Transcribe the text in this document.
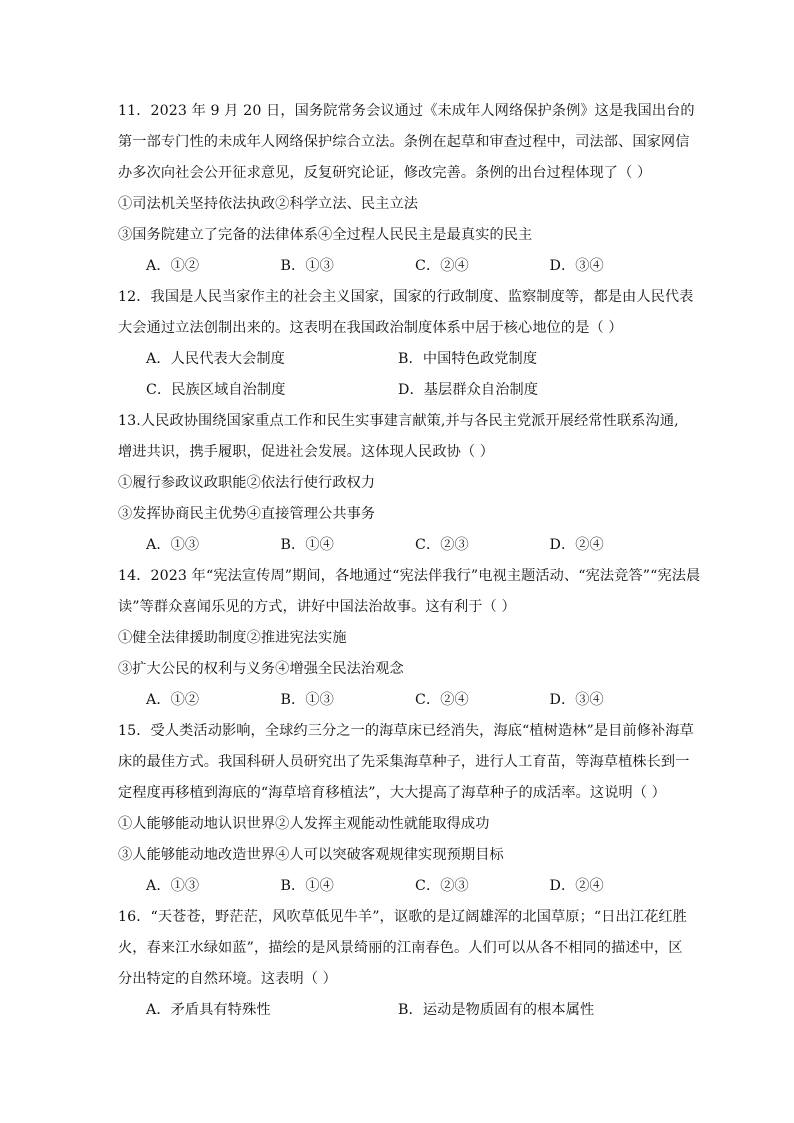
11．2023 年 9 月 20 日，国务院常务会议通过《未成年人网络保护条例》这是我国出台的
第一部专门性的未成年人网络保护综合立法。条例在起草和审查过程中，司法部、国家网信
办多次向社会公开征求意见，反复研究论证，修改完善。条例的出台过程体现了（ ）
①司法机关坚持依法执政②科学立法、民主立法
③国务院建立了完备的法律体系④全过程人民民主是最真实的民主
A．①②	B．①③	C．②④	D．③④
12．我国是人民当家作主的社会主义国家，国家的行政制度、监察制度等，都是由人民代表
大会通过立法创制出来的。这表明在我国政治制度体系中居于核心地位的是（ ）
A．人民代表大会制度	B．中国特色政党制度
C．民族区域自治制度	D．基层群众自治制度
13.人民政协围绕国家重点工作和民生实事建言献策,并与各民主党派开展经常性联系沟通,
增进共识，携手履职，促进社会发展。这体现人民政协（ ）
①履行参政议政职能②依法行使行政权力
③发挥协商民主优势④直接管理公共事务
A．①③	B．①④	C．②③	D．②④
14．2023 年“宪法宣传周”期间，各地通过“宪法伴我行”电视主题活动、“宪法竞答”“宪法晨
读”等群众喜闻乐见的方式，讲好中国法治故事。这有利于（ ）
①健全法律援助制度②推进宪法实施
③扩大公民的权利与义务④增强全民法治观念
A．①②	B．①③	C．②④	D．③④
15．受人类活动影响，全球约三分之一的海草床已经消失，海底“植树造林”是目前修补海草
床的最佳方式。我国科研人员研究出了先采集海草种子，进行人工育苗，等海草植株长到一
定程度再移植到海底的“海草培育移植法”，大大提高了海草种子的成活率。这说明（ ）
①人能够能动地认识世界②人发挥主观能动性就能取得成功
③人能够能动地改造世界④人可以突破客观规律实现预期目标
A．①③	B．①④	C．②③	D．②④
16．“天苍苍，野茫茫，风吹草低见牛羊”，讴歌的是辽阔雄浑的北国草原；“日出江花红胜
火，春来江水绿如蓝”，描绘的是风景绮丽的江南春色。人们可以从各不相同的描述中，区
分出特定的自然环境。这表明（ ）
A．矛盾具有特殊性	B．运动是物质固有的根本属性
